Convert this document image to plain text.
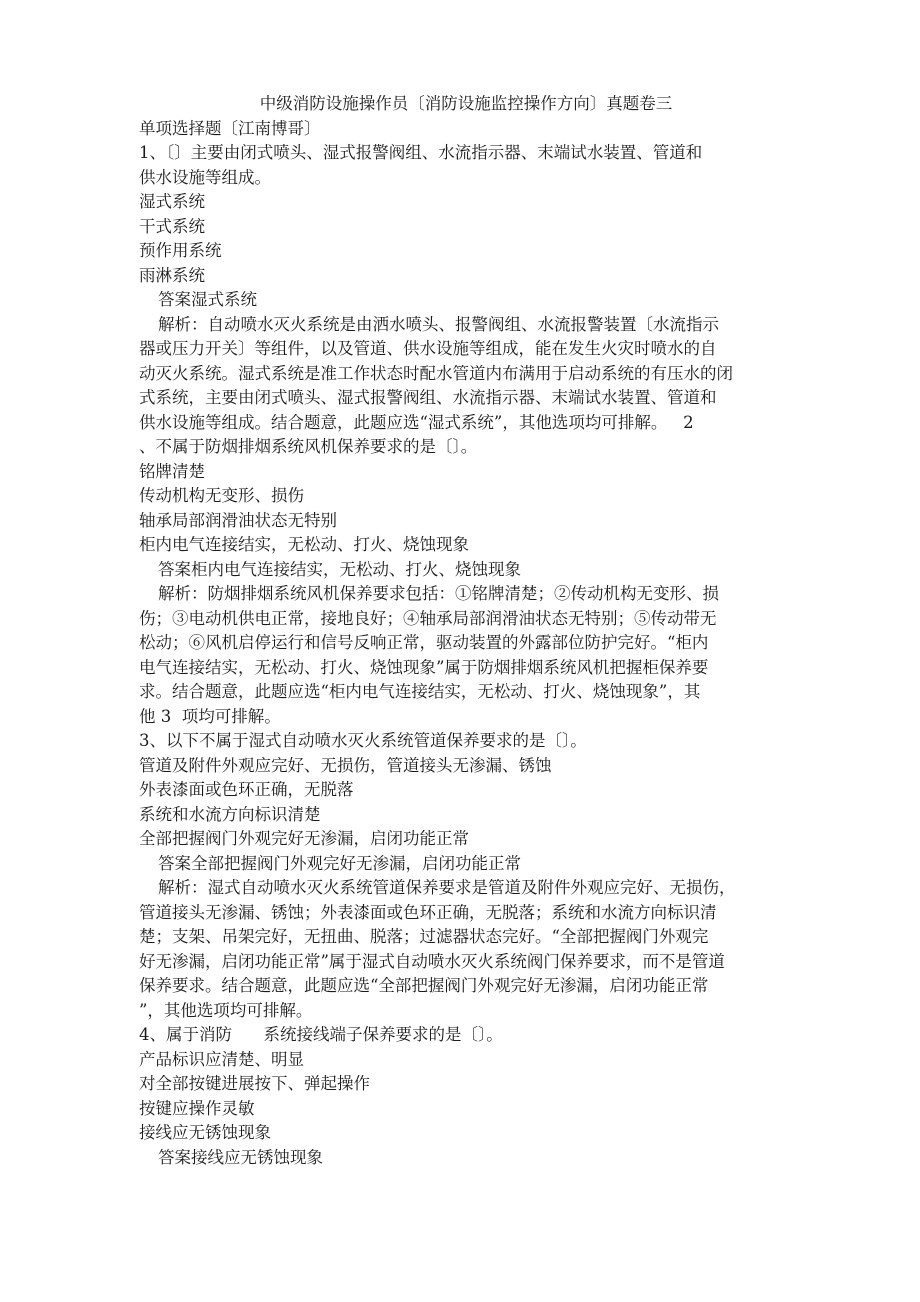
中级消防设施操作员〔消防设施监控操作方向〕真题卷三
单项选择题〔江南博哥〕
1、〔〕主要由闭式喷头、湿式报警阀组、水流指示器、末端试水装置、管道和
供水设施等组成。
湿式系统
干式系统
预作用系统
雨淋系统
答案湿式系统
解析：自动喷水灭火系统是由洒水喷头、报警阀组、水流报警装置〔水流指示
器或压力开关〕等组件，以及管道、供水设施等组成，能在发生火灾时喷水的自
动灭火系统。湿式系统是准工作状态时配水管道内布满用于启动系统的有压水的闭
式系统，主要由闭式喷头、湿式报警阀组、水流指示器、末端试水装置、管道和
供水设施等组成。结合题意，此题应选“湿式系统”，其他选项均可排解。   2
、不属于防烟排烟系统风机保养要求的是〔〕。
铭牌清楚
传动机构无变形、损伤
轴承局部润滑油状态无特别
柜内电气连接结实，无松动、打火、烧蚀现象
答案柜内电气连接结实，无松动、打火、烧蚀现象
解析：防烟排烟系统风机保养要求包括：①铭牌清楚；②传动机构无变形、损
伤；③电动机供电正常，接地良好；④轴承局部润滑油状态无特别；⑤传动带无
松动；⑥风机启停运行和信号反响正常，驱动装置的外露部位防护完好。“柜内
电气连接结实，无松动、打火、烧蚀现象”属于防烟排烟系统风机把握柜保养要
求。结合题意，此题应选“柜内电气连接结实，无松动、打火、烧蚀现象”，其
他 3  项均可排解。
3、以下不属于湿式自动喷水灭火系统管道保养要求的是〔〕。
管道及附件外观应完好、无损伤，管道接头无渗漏、锈蚀
外表漆面或色环正确，无脱落
系统和水流方向标识清楚
全部把握阀门外观完好无渗漏，启闭功能正常
答案全部把握阀门外观完好无渗漏，启闭功能正常
解析：湿式自动喷水灭火系统管道保养要求是管道及附件外观应完好、无损伤，
管道接头无渗漏、锈蚀；外表漆面或色环正确，无脱落；系统和水流方向标识清
楚；支架、吊架完好，无扭曲、脱落；过滤器状态完好。“全部把握阀门外观完
好无渗漏，启闭功能正常”属于湿式自动喷水灭火系统阀门保养要求，而不是管道
保养要求。结合题意，此题应选“全部把握阀门外观完好无渗漏，启闭功能正常
”，其他选项均可排解。
4、属于消防      系统接线端子保养要求的是〔〕。
产品标识应清楚、明显
对全部按键进展按下、弹起操作
按键应操作灵敏
接线应无锈蚀现象
答案接线应无锈蚀现象
